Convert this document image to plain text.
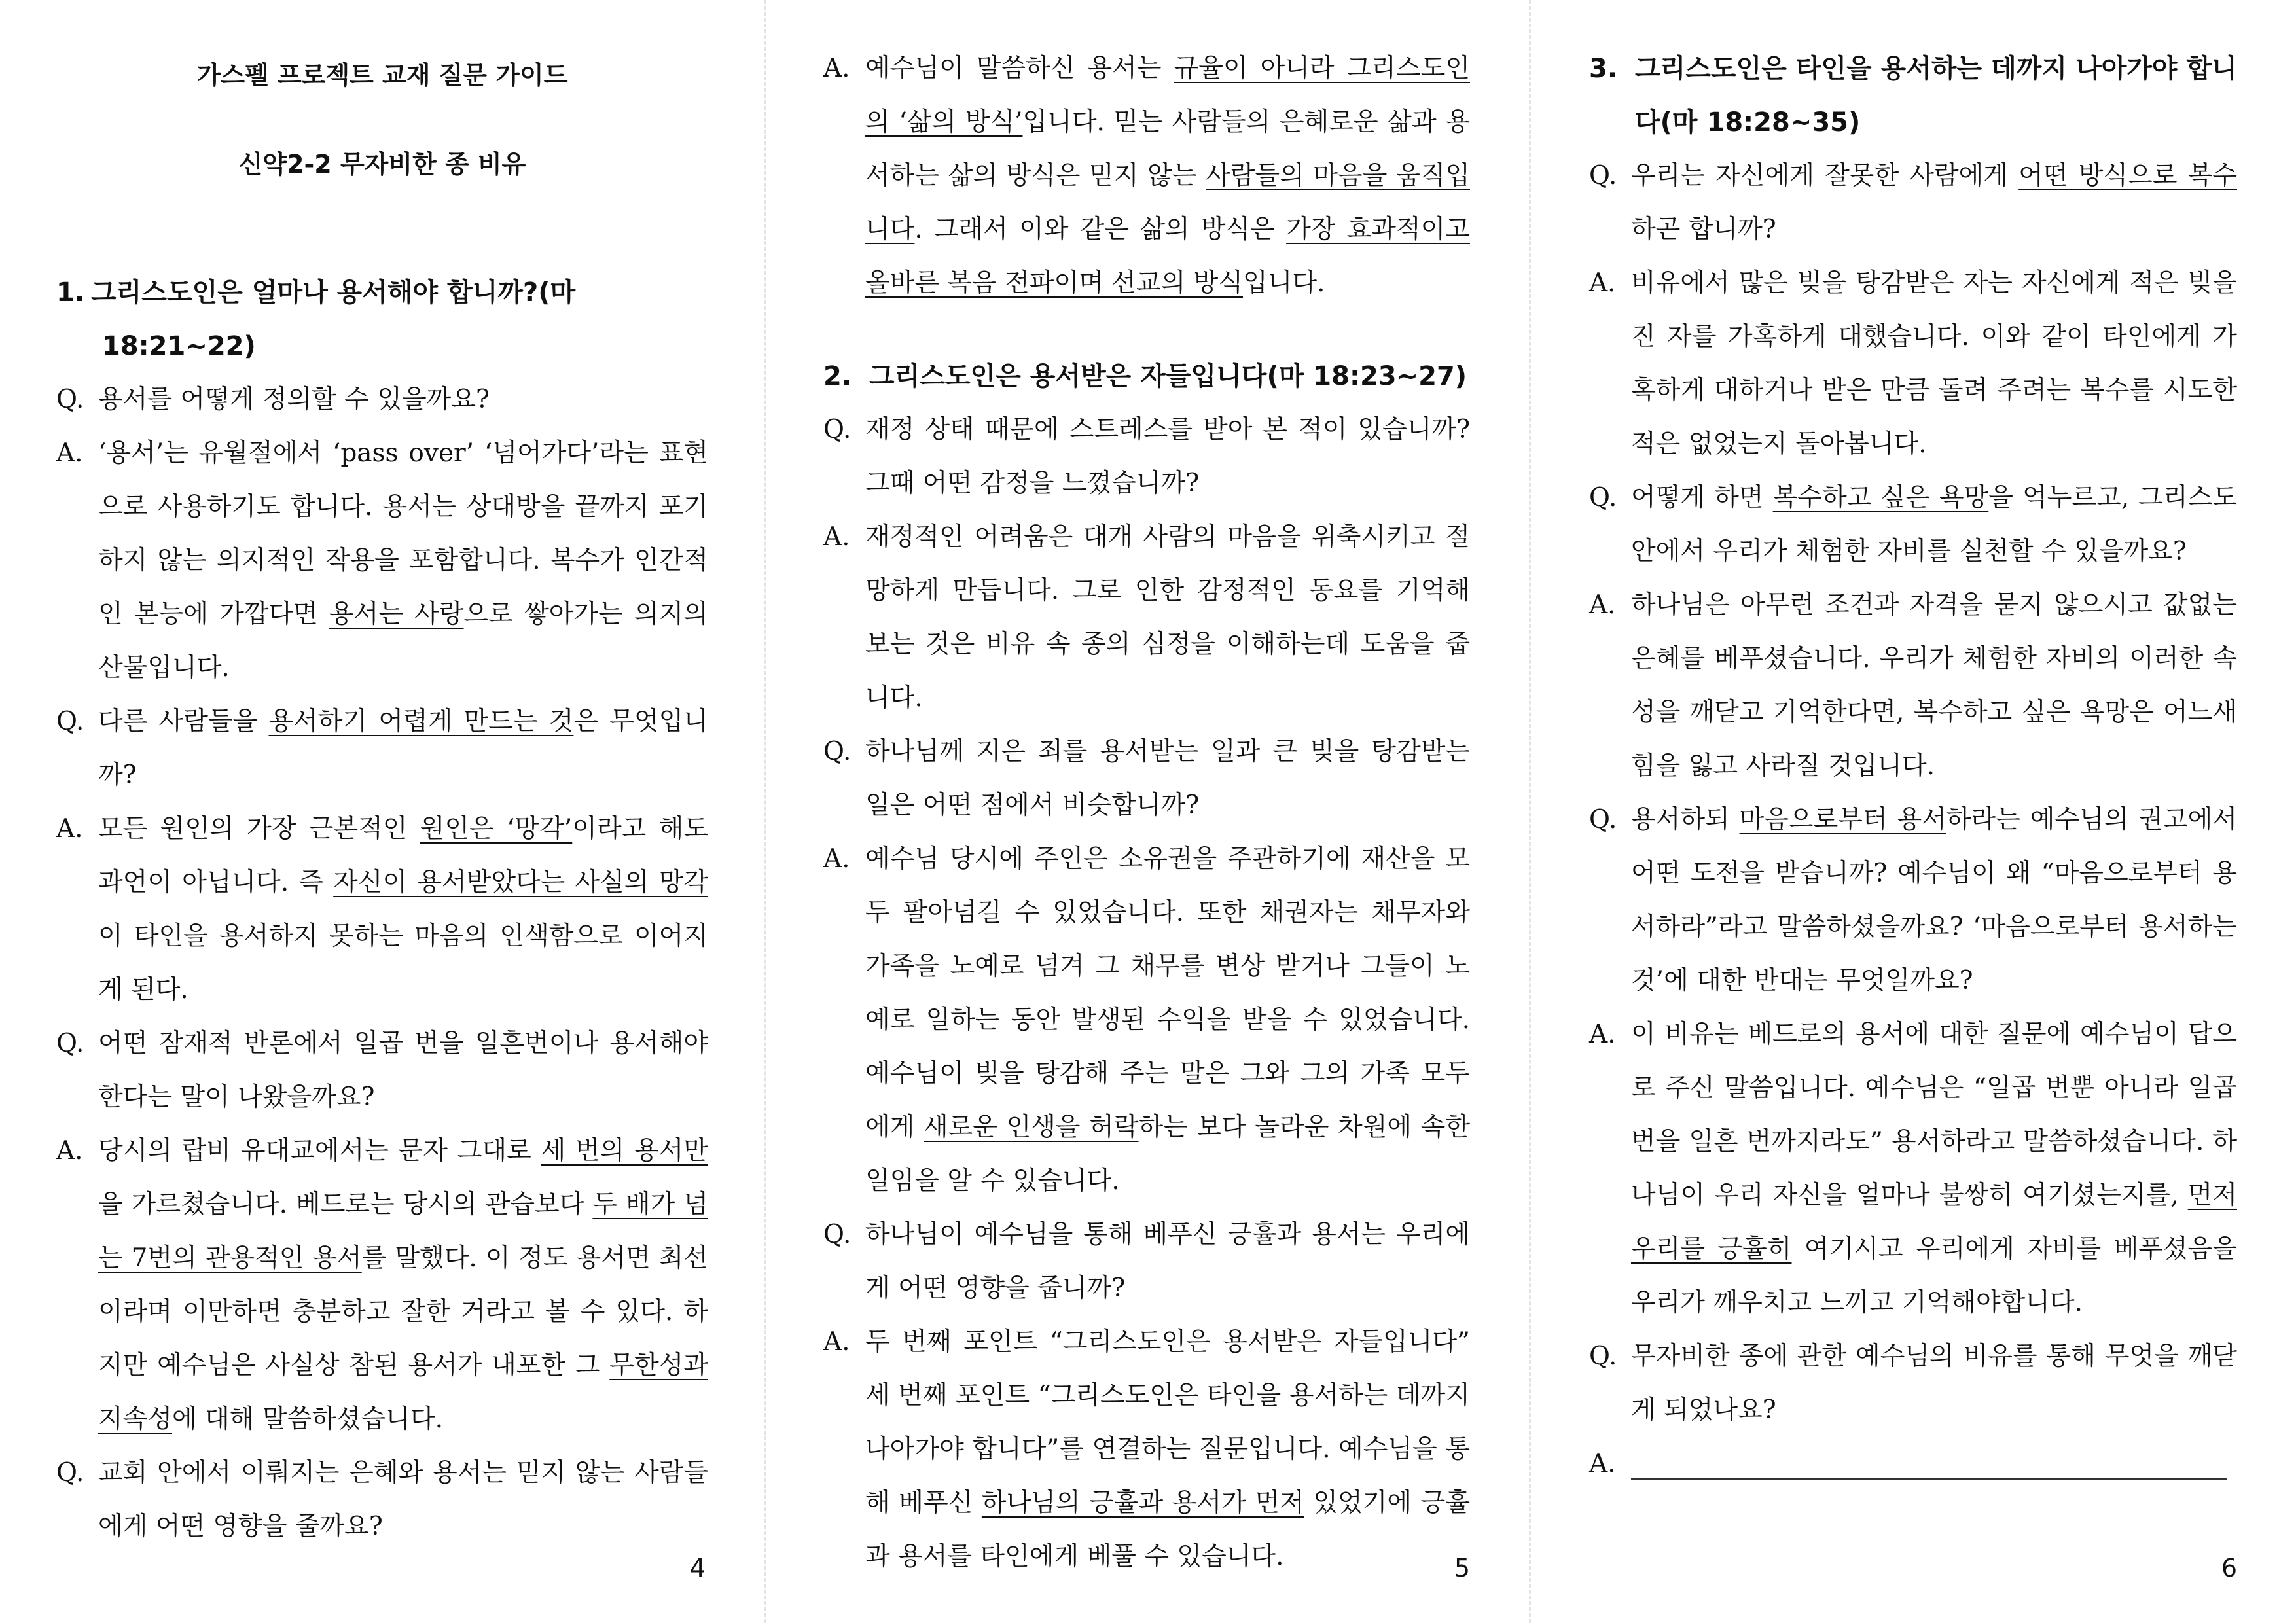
가스펠 프로젝트 교재 질문 가이드

신약2-2 무자비한 종 비유

1. 그리스도인은 얼마나 용서해야 합니까?(마 18:21~22)
Q. 용서를 어떻게 정의할 수 있을까요?
A. ‘용서’는 유월절에서 ‘pass over’ ‘넘어가다’라는 표현으로 사용하기도 합니다. 용서는 상대방을 끝까지 포기하지 않는 의지적인 작용을 포함합니다. 복수가 인간적인 본능에 가깝다면 용서는 사랑으로 쌓아가는 의지의 산물입니다.
Q. 다른 사람들을 용서하기 어렵게 만드는 것은 무엇입니까?
A. 모든 원인의 가장 근본적인 원인은 ‘망각’이라고 해도 과언이 아닙니다. 즉 자신이 용서받았다는 사실의 망각이 타인을 용서하지 못하는 마음의 인색함으로 이어지게 된다.
Q. 어떤 잠재적 반론에서 일곱 번을 일흔번이나 용서해야 한다는 말이 나왔을까요?
A. 당시의 랍비 유대교에서는 문자 그대로 세 번의 용서만을 가르쳤습니다. 베드로는 당시의 관습보다 두 배가 넘는 7번의 관용적인 용서를 말했다. 이 정도 용서면 최선이라며 이만하면 충분하고 잘한 거라고 볼 수 있다. 하지만 예수님은 사실상 참된 용서가 내포한 그 무한성과 지속성에 대해 말씀하셨습니다.
Q. 교회 안에서 이뤄지는 은혜와 용서는 믿지 않는 사람들에게 어떤 영향을 줄까요?
4
A. 예수님이 말씀하신 용서는 규율이 아니라 그리스도인의 ‘삶의 방식’입니다. 믿는 사람들의 은혜로운 삶과 용서하는 삶의 방식은 믿지 않는 사람들의 마음을 움직입니다. 그래서 이와 같은 삶의 방식은 가장 효과적이고 올바른 복음 전파이며 선교의 방식입니다.
2. 그리스도인은 용서받은 자들입니다(마 18:23~27)
Q. 재정 상태 때문에 스트레스를 받아 본 적이 있습니까? 그때 어떤 감정을 느꼈습니까?
A. 재정적인 어려움은 대개 사람의 마음을 위축시키고 절망하게 만듭니다. 그로 인한 감정적인 동요를 기억해 보는 것은 비유 속 종의 심정을 이해하는데 도움을 줍니다.
Q. 하나님께 지은 죄를 용서받는 일과 큰 빚을 탕감받는 일은 어떤 점에서 비슷합니까?
A. 예수님 당시에 주인은 소유권을 주관하기에 재산을 모두 팔아넘길 수 있었습니다. 또한 채권자는 채무자와 가족을 노예로 넘겨 그 채무를 변상 받거나 그들이 노예로 일하는 동안 발생된 수익을 받을 수 있었습니다. 예수님이 빚을 탕감해 주는 말은 그와 그의 가족 모두에게 새로운 인생을 허락하는 보다 놀라운 차원에 속한 일임을 알 수 있습니다.
Q. 하나님이 예수님을 통해 베푸신 긍휼과 용서는 우리에게 어떤 영향을 줍니까?
A. 두 번째 포인트 “그리스도인은 용서받은 자들입니다” 세 번째 포인트 “그리스도인은 타인을 용서하는 데까지 나아가야 합니다”를 연결하는 질문입니다. 예수님을 통해 베푸신 하나님의 긍휼과 용서가 먼저 있었기에 긍휼과 용서를 타인에게 베풀 수 있습니다.	5
3. 그리스도인은 타인을 용서하는 데까지 나아가야 합니다(마 18:28~35)
Q. 우리는 자신에게 잘못한 사람에게 어떤 방식으로 복수하곤 합니까?
A. 비유에서 많은 빚을 탕감받은 자는 자신에게 적은 빚을 진 자를 가혹하게 대했습니다. 이와 같이 타인에게 가혹하게 대하거나 받은 만큼 돌려 주려는 복수를 시도한 적은 없었는지 돌아봅니다.
Q. 어떻게 하면 복수하고 싶은 욕망을 억누르고, 그리스도 안에서 우리가 체험한 자비를 실천할 수 있을까요?
A. 하나님은 아무런 조건과 자격을 묻지 않으시고 값없는 은혜를 베푸셨습니다. 우리가 체험한 자비의 이러한 속성을 깨닫고 기억한다면, 복수하고 싶은 욕망은 어느새 힘을 잃고 사라질 것입니다.
Q. 용서하되 마음으로부터 용서하라는 예수님의 권고에서 어떤 도전을 받습니까? 예수님이 왜 “마음으로부터 용서하라”라고 말씀하셨을까요? ‘마음으로부터 용서하는 것’에 대한 반대는 무엇일까요?
A. 이 비유는 베드로의 용서에 대한 질문에 예수님이 답으로 주신 말씀입니다. 예수님은 “일곱 번뿐 아니라 일곱 번을 일흔 번까지라도” 용서하라고 말씀하셨습니다. 하나님이 우리 자신을 얼마나 불쌍히 여기셨는지를, 먼저 우리를 긍휼히 여기시고 우리에게 자비를 베푸셨음을 우리가 깨우치고 느끼고 기억해야합니다.
Q. 무자비한 종에 관한 예수님의 비유를 통해 무엇을 깨닫게 되었나요?
A.
6
